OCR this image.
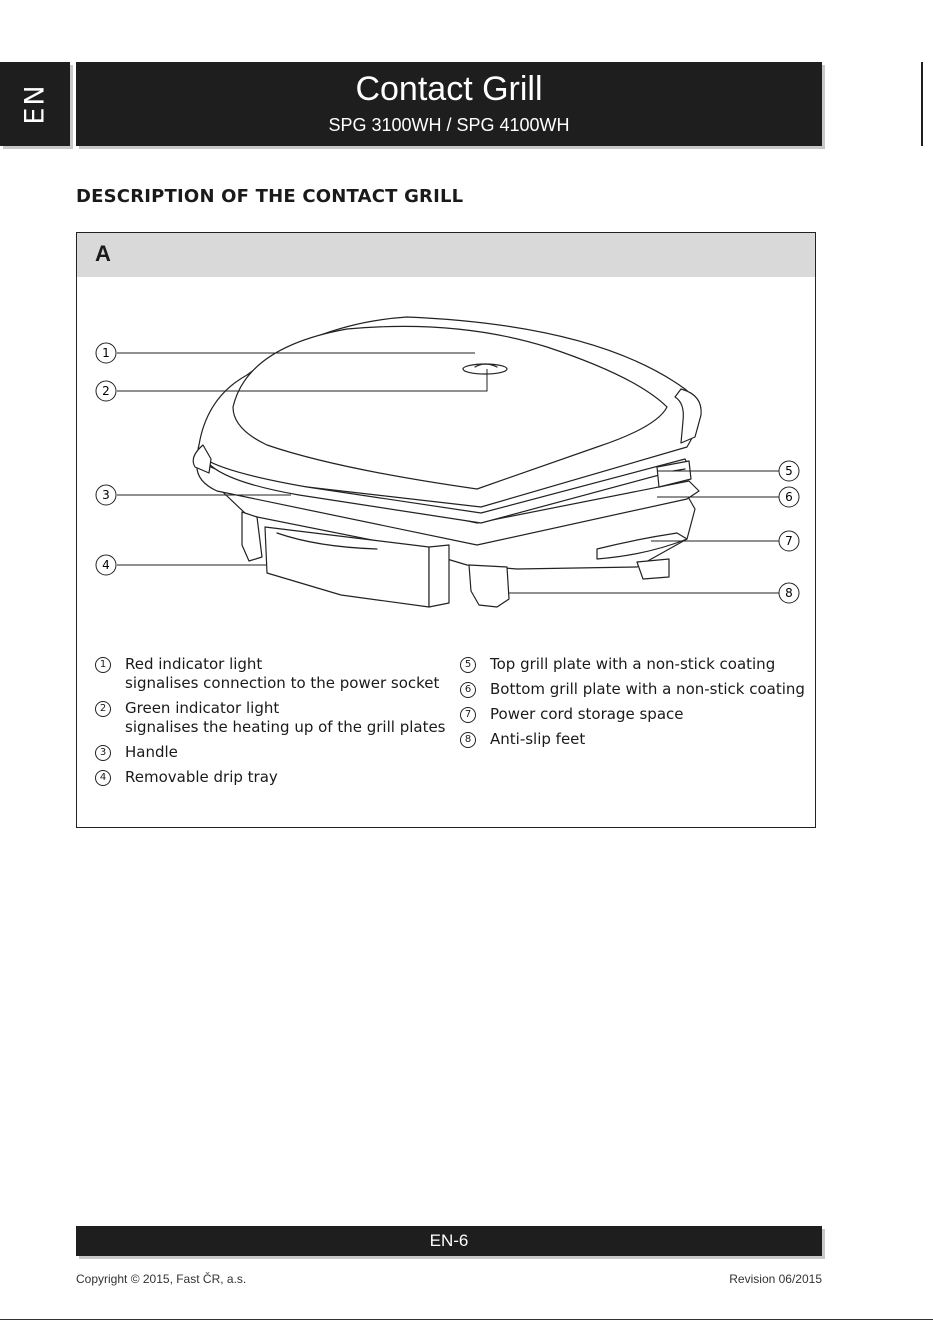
EN	Contact Grill
SPG 3100WH / SPG 4100WH
DESCRIPTION OF THE CONTACT GRILL
A
1
2
3
4
5
6
7
8
1	Red indicator light
signalises connection to the power socket
2	Green indicator light
signalises the heating up of the grill plates
3	Handle
4	Removable drip tray
5	Top grill plate with a non-stick coating
6	Bottom grill plate with a non-stick coating
7	Power cord storage space
8	Anti-slip feet
EN-6
Copyright © 2015, Fast ČR, a.s.	Revision 06/2015
